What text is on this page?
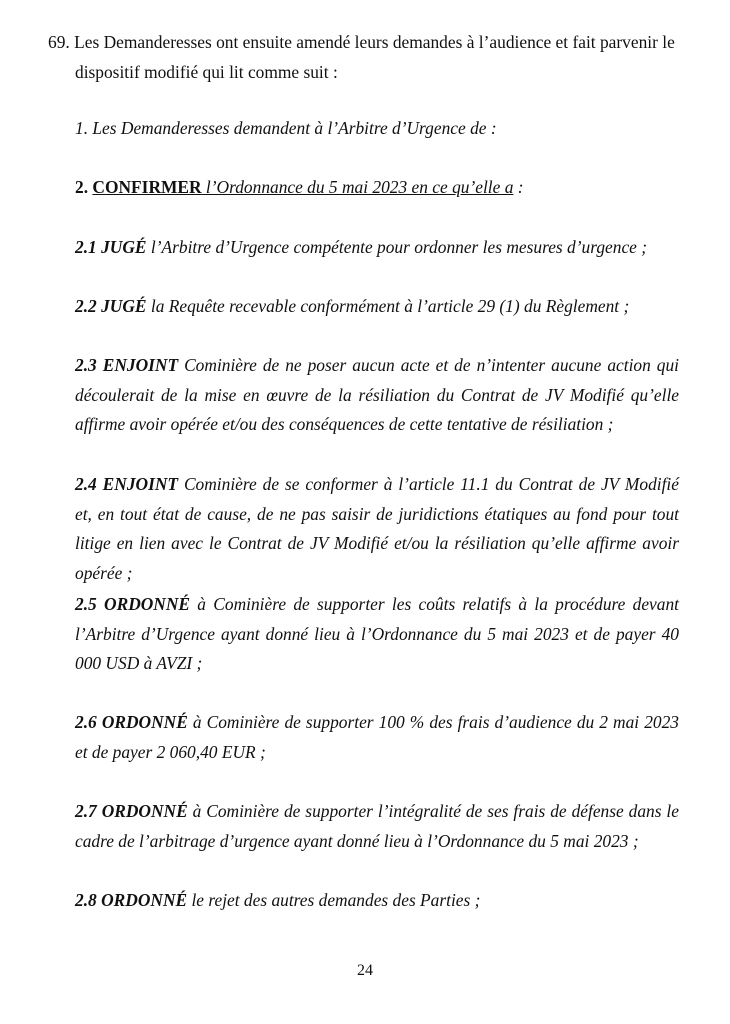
69. Les Demanderesses ont ensuite amendé leurs demandes à l’audience et fait parvenir le
dispositif modifié qui lit comme suit :
1. Les Demanderesses demandent à l’Arbitre d’Urgence de :
2. CONFIRMER l’Ordonnance du 5 mai 2023 en ce qu’elle a :
2.1 JUGÉ l’Arbitre d’Urgence compétente pour ordonner les mesures d’urgence ;
2.2 JUGÉ la Requête recevable conformément à l’article 29 (1) du Règlement ;
2.3 ENJOINT Cominière de ne poser aucun acte et de n’intenter aucune action qui découlerait de la mise en œuvre de la résiliation du Contrat de JV Modifié qu’elle affirme avoir opérée et/ou des conséquences de cette tentative de résiliation ;
2.4 ENJOINT Cominière de se conformer à l’article 11.1 du Contrat de JV Modifié et, en tout état de cause, de ne pas saisir de juridictions étatiques au fond pour tout litige en lien avec le Contrat de JV Modifié et/ou la résiliation qu’elle affirme avoir opérée ;
2.5 ORDONNÉ à Cominière de supporter les coûts relatifs à la procédure devant l’Arbitre d’Urgence ayant donné lieu à l’Ordonnance du 5 mai 2023 et de payer 40 000 USD à AVZI ;
2.6 ORDONNÉ à Cominière de supporter 100 % des frais d’audience du 2 mai 2023 et de payer 2 060,40 EUR ;
2.7 ORDONNÉ à Cominière de supporter l’intégralité de ses frais de défense dans le cadre de l’arbitrage d’urgence ayant donné lieu à l’Ordonnance du 5 mai 2023 ;
2.8 ORDONNÉ le rejet des autres demandes des Parties ;
24
